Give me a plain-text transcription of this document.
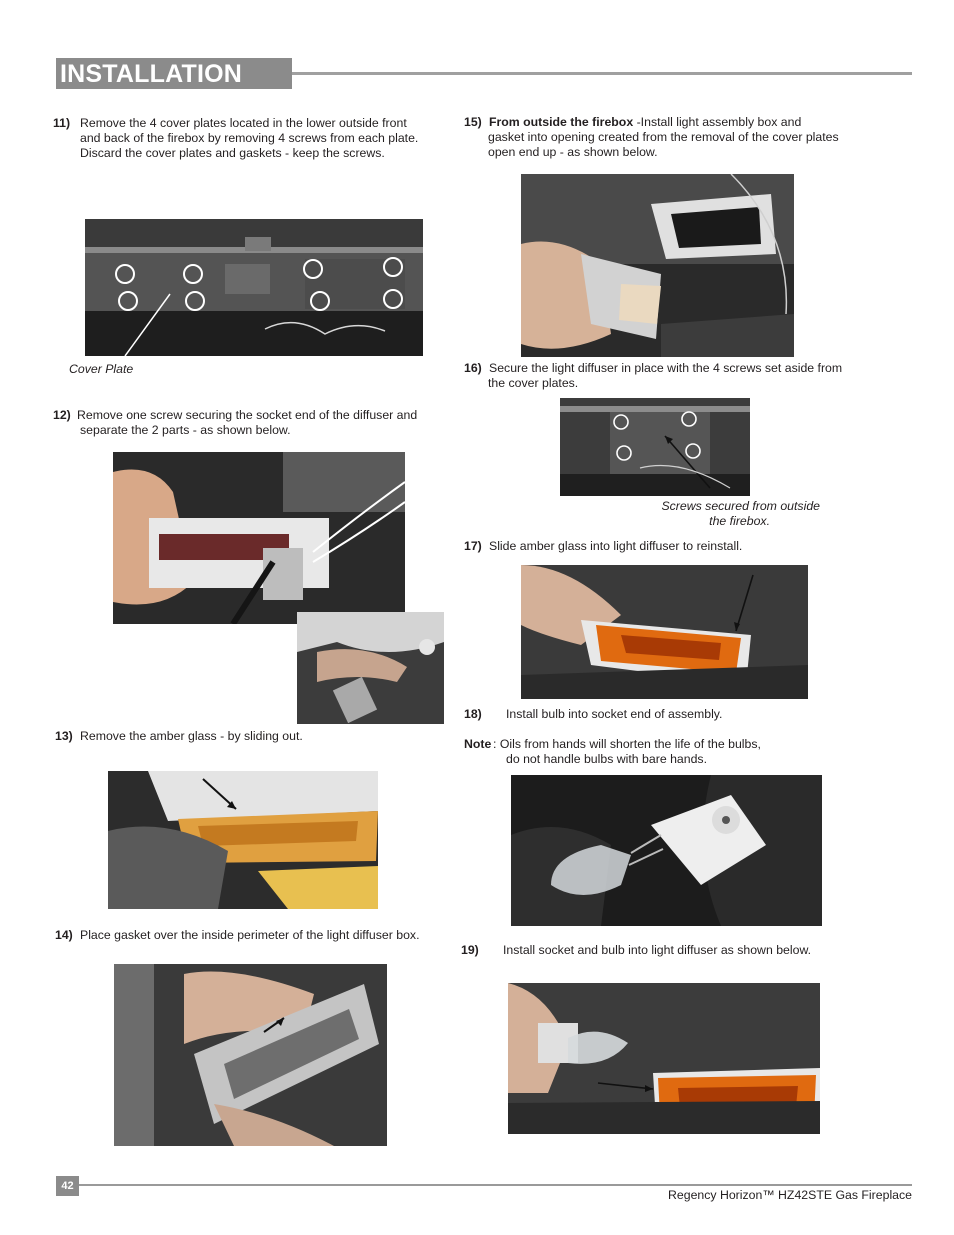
INSTALLATION
11) Remove the 4 cover plates located in the lower outside front
and back of the firebox by removing 4 screws from each plate.
Discard the cover plates and gaskets - keep the screws.
Cover Plate
12) Remove one screw securing the socket end of the diffuser and
separate the 2 parts - as shown below.
13) Remove the amber glass - by sliding out.
14) Place gasket over the inside perimeter of the light diffuser box.
15) From outside the firebox -Install light assembly box and
gasket into opening created from the removal of the cover plates
open end up - as shown below.
16) Secure the light diffuser in place with the 4 screws set aside from
the cover plates.
Screws secured from outside
the firebox.
17) Slide amber glass into light diffuser to reinstall.
18) Install bulb into socket end of assembly.
Note : Oils from hands will shorten the life of the bulbs,
do not handle bulbs with bare hands.
19) Install socket and bulb into light diffuser as shown below.
42
Regency Horizon™ HZ42STE Gas Fireplace
